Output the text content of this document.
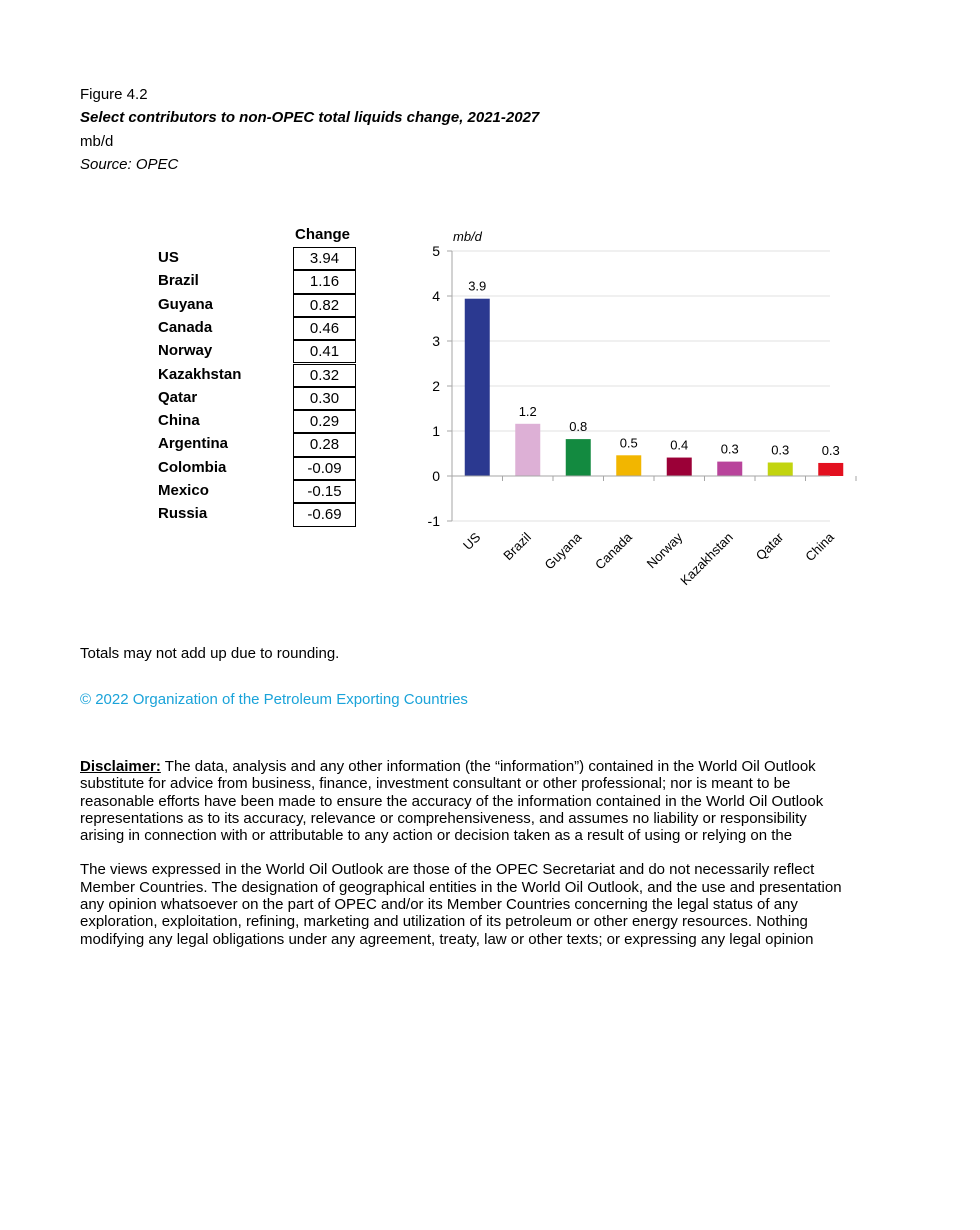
Figure 4.2
Select contributors to non-OPEC total liquids change, 2021-2027
mb/d
Source: OPEC
Change
US	3.94
Brazil	1.16
Guyana	0.82
Canada	0.46
Norway	0.41
Kazakhstan	0.32
Qatar	0.30
China	0.29
Argentina	0.28
Colombia	-0.09
Mexico	-0.15
Russia	-0.69
5
4
3
2
1
0
-1
3.9
1.2
0.8
0.5 0.4 0.3 0.3 0.3
US Brazil Guyana Canada Norway
Kazakhstan Qatar China
mb/d
Totals may not add up due to rounding.
© 2022 Organization of the Petroleum Exporting Countries
Disclaimer: The data, analysis and any other information (the “information”) contained in the World Oil Outlook
substitute for advice from business, finance, investment consultant or other professional; nor is meant to be
reasonable efforts have been made to ensure the accuracy of the information contained in the World Oil Outlook
representations as to its accuracy, relevance or comprehensiveness, and assumes no liability or responsibility
arising in connection with or attributable to any action or decision taken as a result of using or relying on the
The views expressed in the World Oil Outlook are those of the OPEC Secretariat and do not necessarily reflect
Member Countries. The designation of geographical entities in the World Oil Outlook, and the use and presentation
any opinion whatsoever on the part of OPEC and/or its Member Countries concerning the legal status of any
exploration, exploitation, refining, marketing and utilization of its petroleum or other energy resources. Nothing
modifying any legal obligations under any agreement, treaty, law or other texts; or expressing any legal opinion
